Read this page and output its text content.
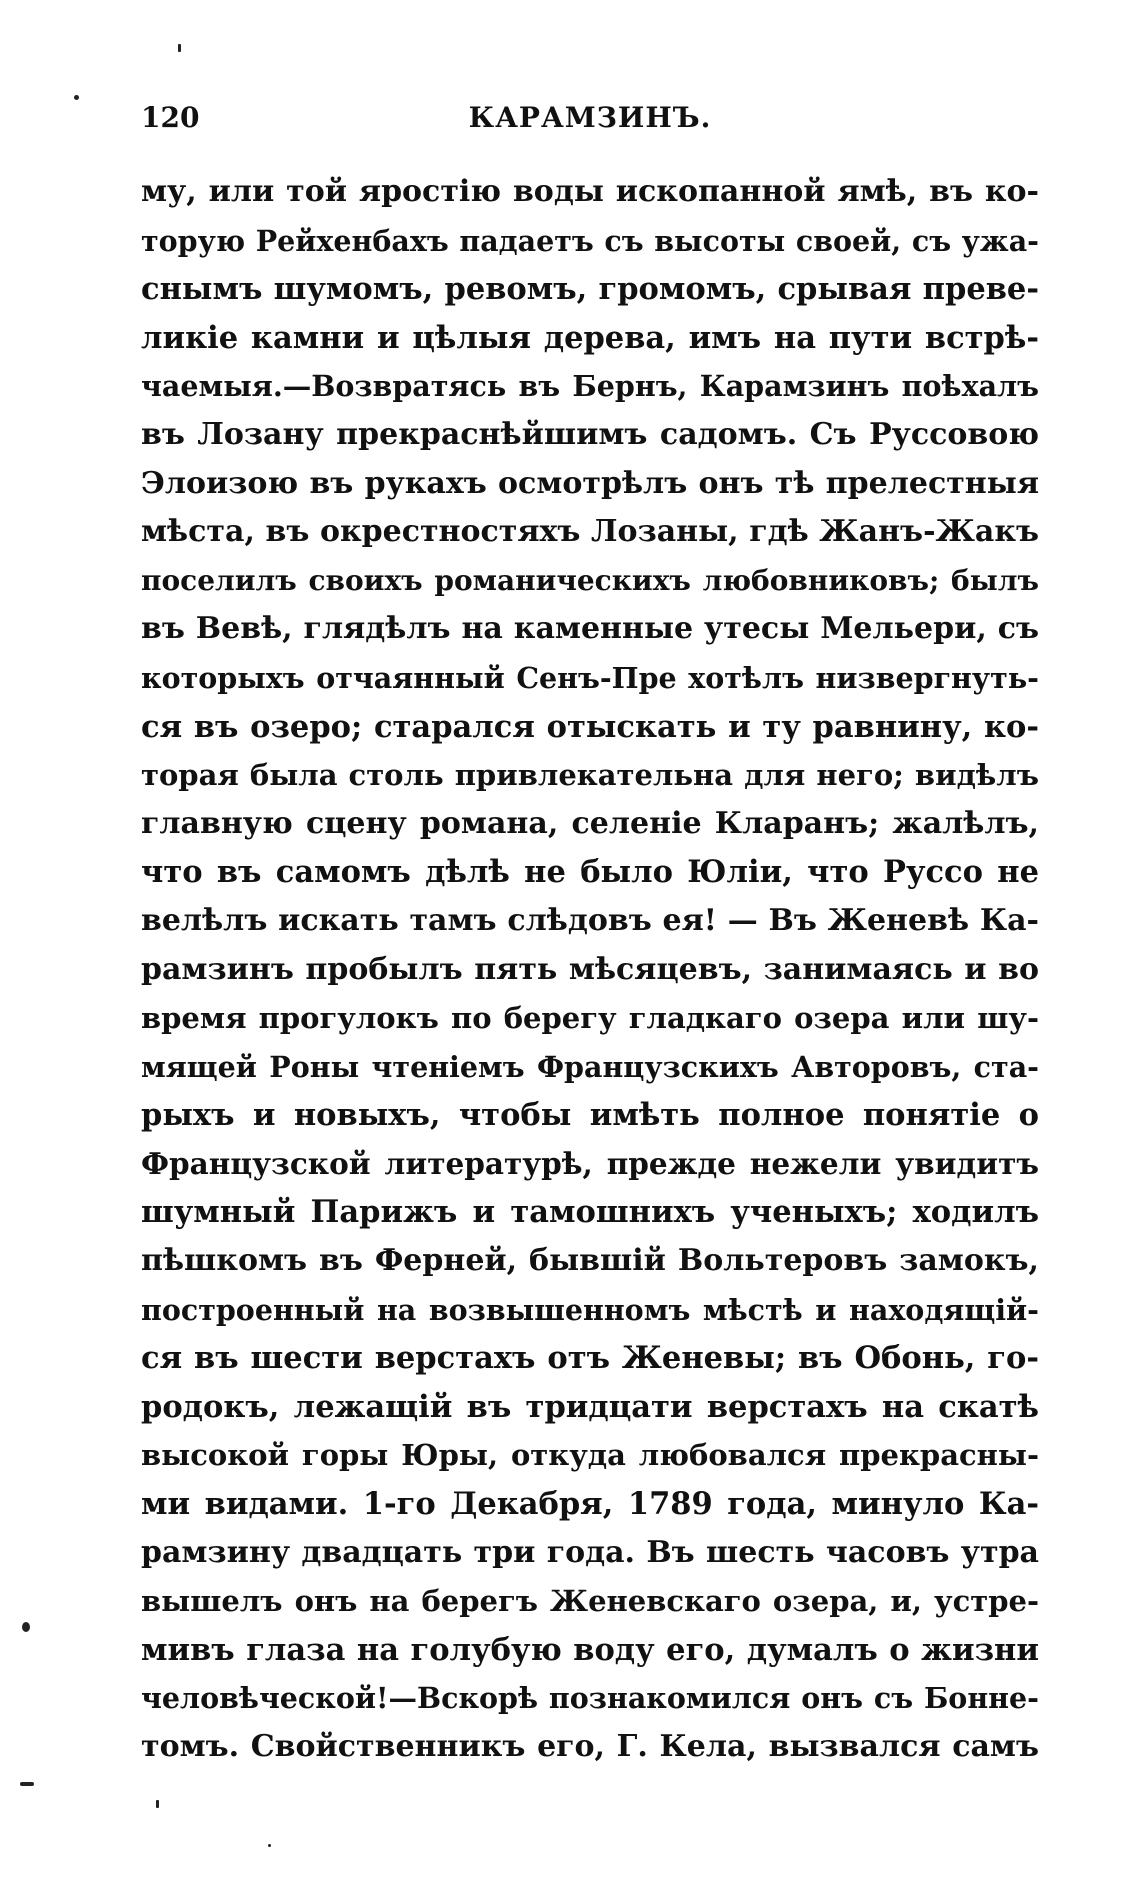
120	КАРАМЗИНЪ.
му, или той яростію воды ископанной ямѣ, въ ко-
торую Рейхенбахъ падаетъ съ высоты своей, съ ужа-
снымъ шумомъ, ревомъ, громомъ, срывая преве-
ликіе камни и цѣлыя дерева, имъ на пути встрѣ-
чаемыя.—Возвратясь въ Бернъ, Карамзинъ поѣхалъ
въ Лозану прекраснѣйшимъ садомъ. Съ Руссовою
Элоизою въ рукахъ осмотрѣлъ онъ тѣ прелестныя
мѣста, въ окрестностяхъ Лозаны, гдѣ Жанъ-Жакъ
поселилъ своихъ романическихъ любовниковъ; былъ
въ Вевѣ, глядѣлъ на каменные утесы Мельери, съ
которыхъ отчаянный Сенъ-Пре хотѣлъ низвергнуть-
ся въ озеро; старался отыскать и ту равнину, ко-
торая была столь привлекательна для него; видѣлъ
главную сцену романа, селеніе Кларанъ; жалѣлъ,
что въ самомъ дѣлѣ не было Юліи, что Руссо не
велѣлъ искать тамъ слѣдовъ ея! — Въ Женевѣ Ка-
рамзинъ пробылъ пять мѣсяцевъ, занимаясь и во
время прогулокъ по берегу гладкаго озера или шу-
мящей Роны чтеніемъ Французскихъ Авторовъ, ста-
рыхъ и новыхъ, чтобы имѣть полное понятіе о
Французской литературѣ, прежде нежели увидитъ
шумный Парижъ и тамошнихъ ученыхъ; ходилъ
пѣшкомъ въ Ферней, бывшій Вольтеровъ замокъ,
построенный на возвышенномъ мѣстѣ и находящій-
ся въ шести верстахъ отъ Женевы; въ Обонь, го-
родокъ, лежащій въ тридцати верстахъ на скатѣ
высокой горы Юры, откуда любовался прекрасны-
ми видами. 1-го Декабря, 1789 года, минуло Ка-
рамзину двадцать три года. Въ шесть часовъ утра
вышелъ онъ на берегъ Женевскаго озера, и, устре-
мивъ глаза на голубую воду его, думалъ о жизни
человѣческой!—Вскорѣ познакомился онъ съ Бонне-
томъ. Свойственникъ его, Г. Кела, вызвался самъ
